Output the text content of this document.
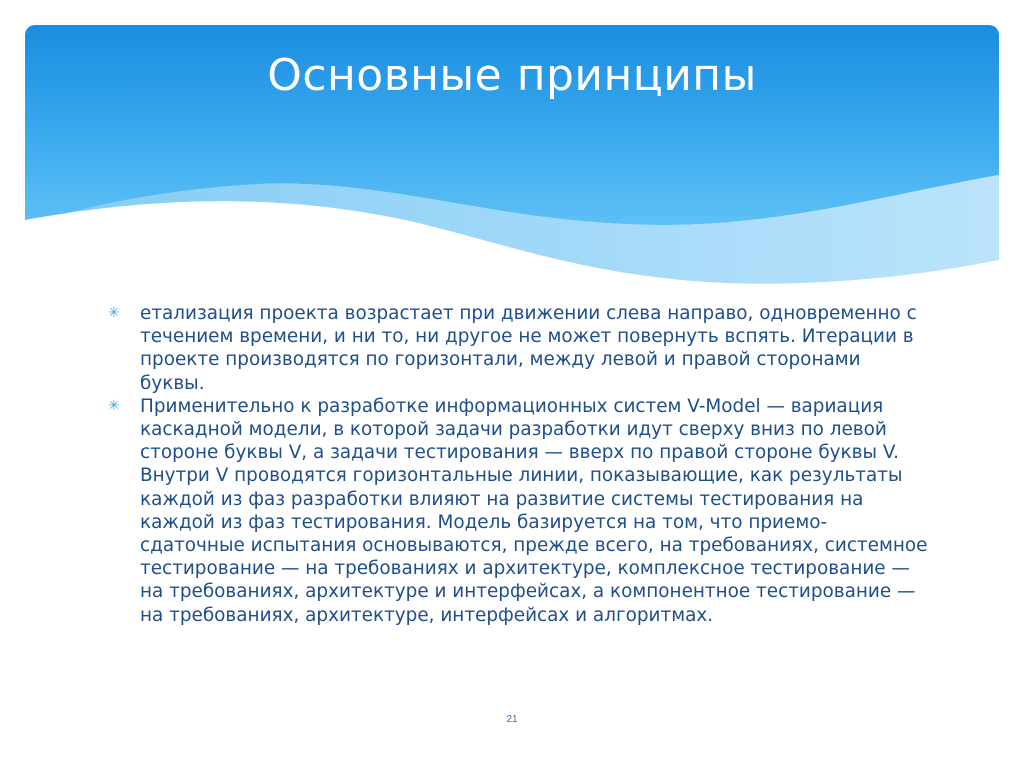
Основные принципы
✳ етализация проекта возрастает при движении слева направо, одновременно с течением времени, и ни то, ни другое не может повернуть вспять. Итерации в проекте производятся по горизонтали, между левой и правой сторонами буквы.
✳ Применительно к разработке информационных систем V-Model — вариация каскадной модели, в которой задачи разработки идут сверху вниз по левой стороне буквы V, а задачи тестирования — вверх по правой стороне буквы V. Внутри V проводятся горизонтальные линии, показывающие, как результаты каждой из фаз разработки влияют на развитие системы тестирования на каждой из фаз тестирования. Модель базируется на том, что приемо-сдаточные испытания основываются, прежде всего, на требованиях, системное тестирование — на требованиях и архитектуре, комплексное тестирование — на требованиях, архитектуре и интерфейсах, а компонентное тестирование — на требованиях, архитектуре, интерфейсах и алгоритмах.
21
